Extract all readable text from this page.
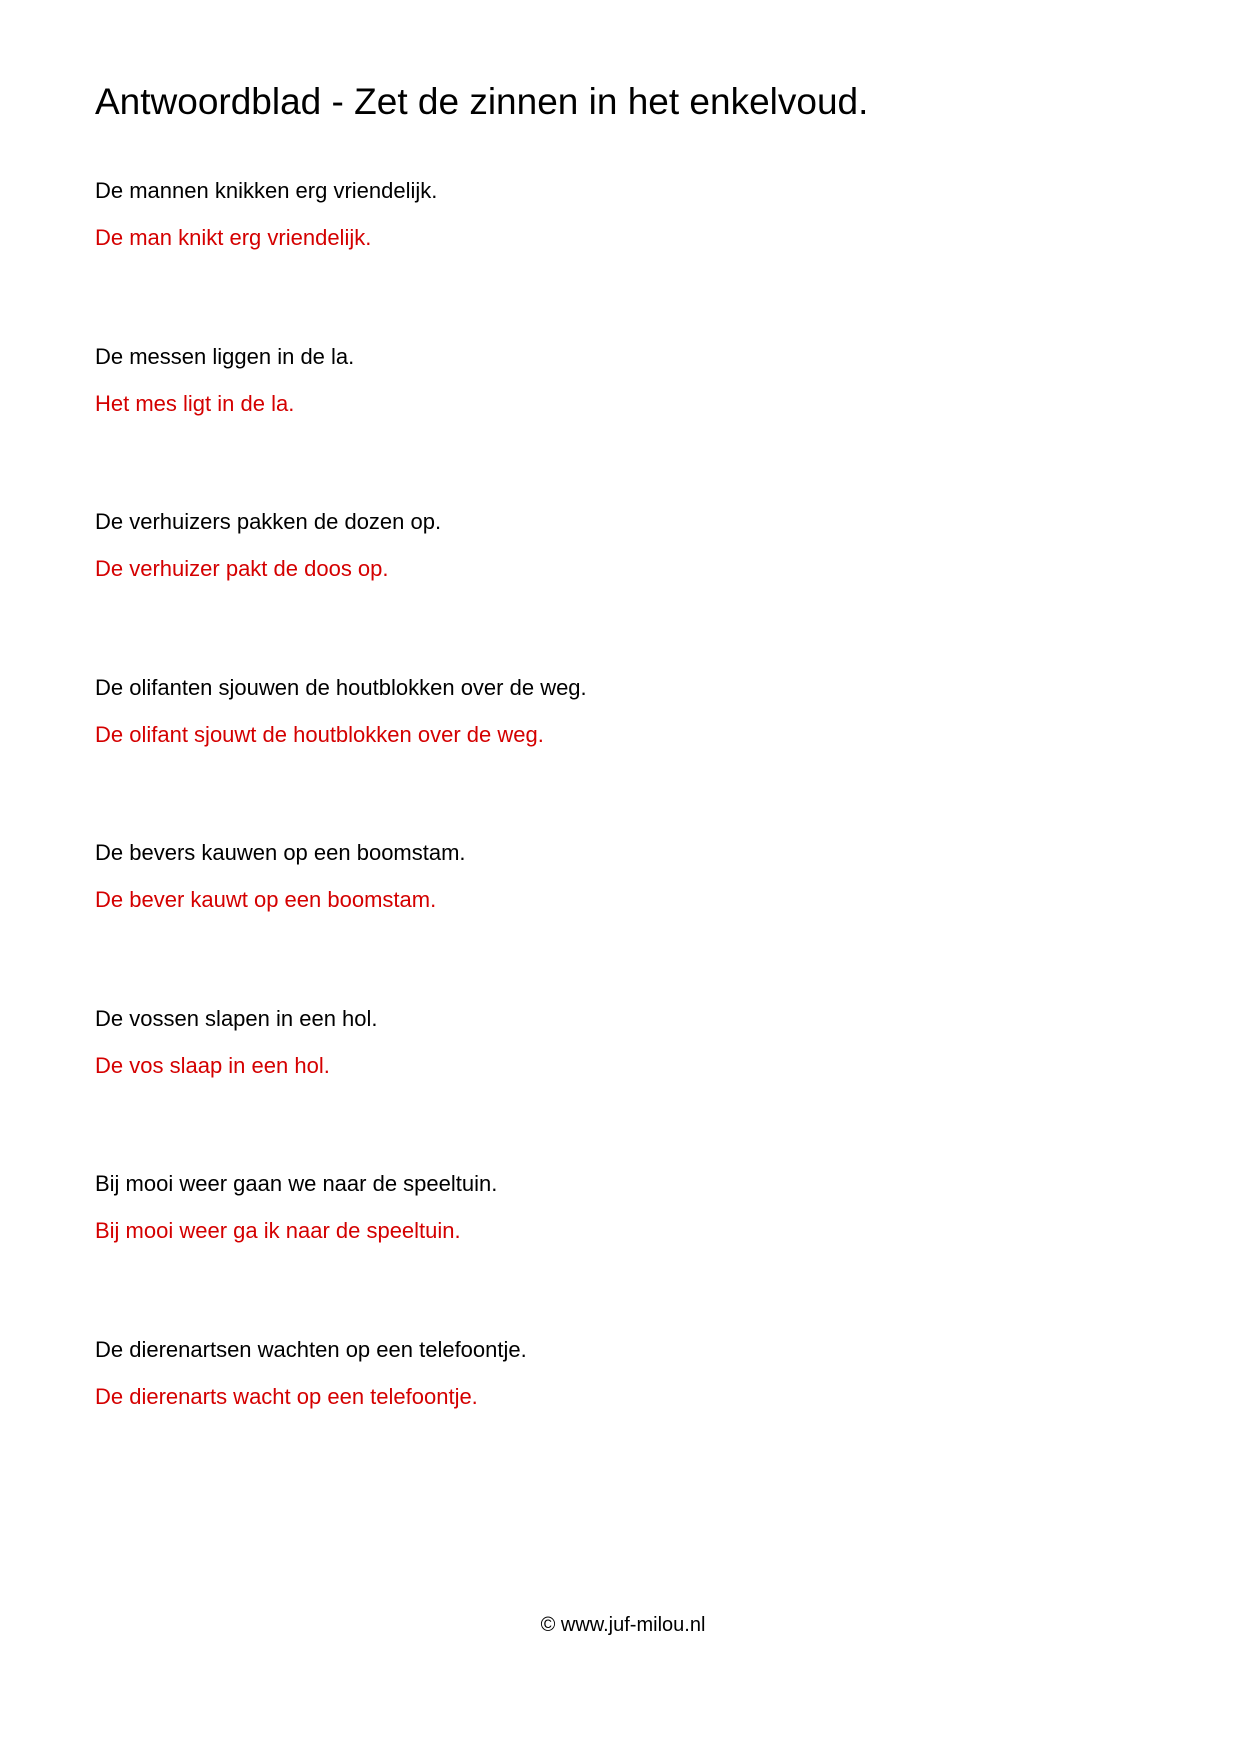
Antwoordblad - Zet de zinnen in het enkelvoud.
De mannen knikken erg vriendelijk.
De man knikt erg vriendelijk.
De messen liggen in de la.
Het mes ligt in de la.
De verhuizers pakken de dozen op.
De verhuizer pakt de doos op.
De olifanten sjouwen de houtblokken over de weg.
De olifant sjouwt de houtblokken over de weg.
De bevers kauwen op een boomstam.
De bever kauwt op een boomstam.
De vossen slapen in een hol.
De vos slaap in een hol.
Bij mooi weer gaan we naar de speeltuin.
Bij mooi weer ga ik naar de speeltuin.
De dierenartsen wachten op een telefoontje.
De dierenarts wacht op een telefoontje.
© www.juf-milou.nl
